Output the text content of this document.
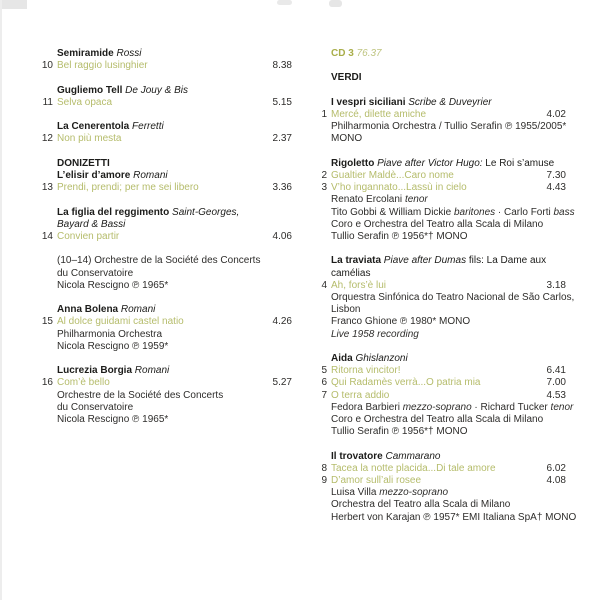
Semiramide Rossi
10 Bel raggio lusinghier	8.38
Gugliemo Tell De Jouy & Bis
11 Selva opaca	5.15
La Cenerentola Ferretti
12 Non più mesta	2.37
DONIZETTI
L’elisir d’amore Romani
13 Prendi, prendi; per me sei libero	3.36
La figlia del reggimento Saint-Georges,
Bayard & Bassi
14 Convien partir	4.06
(10–14) Orchestre de la Société des Concerts
du Conservatoire
Nicola Rescigno ℗ 1965*
Anna Bolena Romani
15 Al dolce guidami castel natio	4.26
Philharmonia Orchestra
Nicola Rescigno ℗ 1959*
Lucrezia Borgia Romani
16 Com’è bello	5.27
Orchestre de la Société des Concerts
du Conservatoire
Nicola Rescigno ℗ 1965*
CD 3 76.37
VERDI
I vespri siciliani Scribe & Duveyrier
1 Mercé, dilette amiche	4.02
Philharmonia Orchestra / Tullio Serafin ℗ 1955/2005*
MONO
Rigoletto Piave after Victor Hugo: Le Roi s’amuse
2 Gualtier Maldè...Caro nome	7.30
3 V’ho ingannato...Lassù in cielo	4.43
Renato Ercolani tenor
Tito Gobbi & William Dickie baritones · Carlo Forti bass
Coro e Orchestra del Teatro alla Scala di Milano
Tullio Serafin ℗ 1956*† MONO
La traviata Piave after Dumas fils: La Dame aux
camélias
4 Ah, fors’è lui	3.18
Orquestra Sinfónica do Teatro Nacional de São Carlos,
Lisbon
Franco Ghione ℗ 1980* MONO
Live 1958 recording
Aida Ghislanzoni
5 Ritorna vincitor!	6.41
6 Qui Radamès verrà...O patria mia	7.00
7 O terra addio	4.53
Fedora Barbieri mezzo-soprano · Richard Tucker tenor
Coro e Orchestra del Teatro alla Scala di Milano
Tullio Serafin ℗ 1956*† MONO
Il trovatore Cammarano
8 Tacea la notte placida...Di tale amore	6.02
9 D’amor sull’ali rosee	4.08
Luisa Villa mezzo-soprano
Orchestra del Teatro alla Scala di Milano
Herbert von Karajan ℗ 1957* EMI Italiana SpA† MONO
